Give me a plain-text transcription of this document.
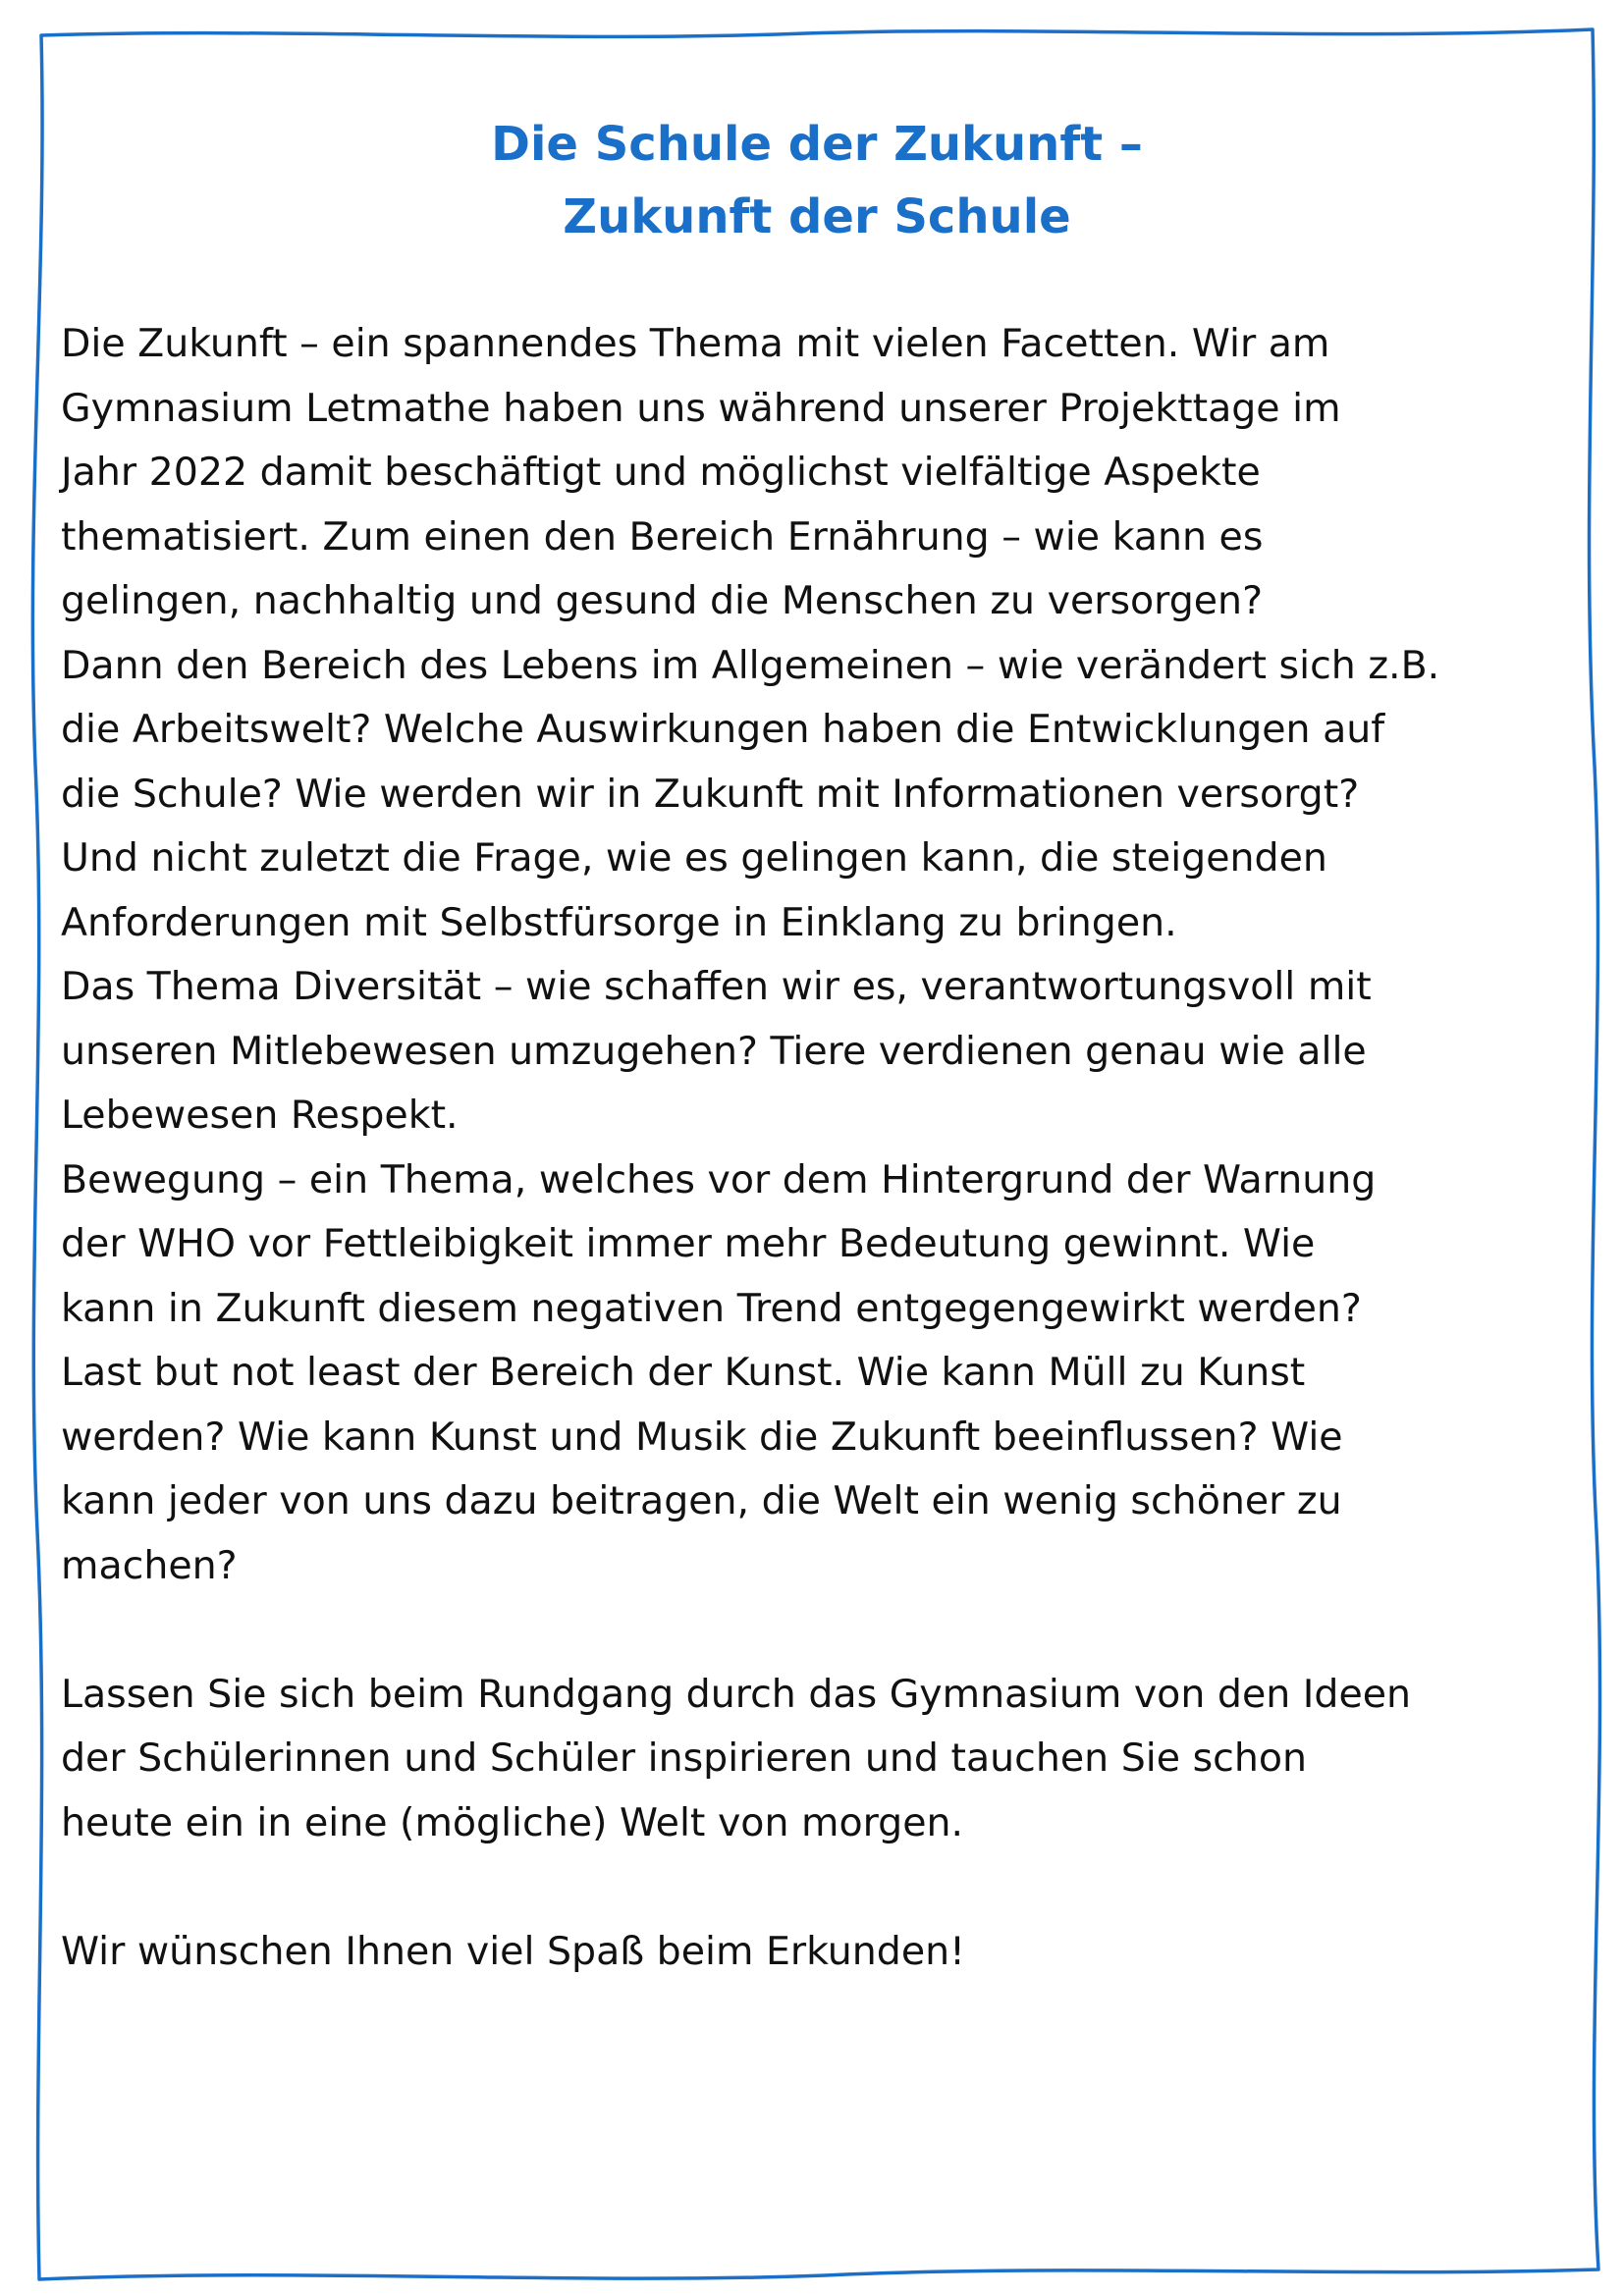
Die Schule der Zukunft –
Zukunft der Schule
Die Zukunft – ein spannendes Thema mit vielen Facetten. Wir am
Gymnasium Letmathe haben uns während unserer Projekttage im
Jahr 2022 damit beschäftigt und möglichst vielfältige Aspekte
thematisiert. Zum einen den Bereich Ernährung – wie kann es
gelingen, nachhaltig und gesund die Menschen zu versorgen?
Dann den Bereich des Lebens im Allgemeinen – wie verändert sich z.B.
die Arbeitswelt? Welche Auswirkungen haben die Entwicklungen auf
die Schule? Wie werden wir in Zukunft mit Informationen versorgt?
Und nicht zuletzt die Frage, wie es gelingen kann, die steigenden
Anforderungen mit Selbstfürsorge in Einklang zu bringen.
Das Thema Diversität – wie schaffen wir es, verantwortungsvoll mit
unseren Mitlebewesen umzugehen? Tiere verdienen genau wie alle
Lebewesen Respekt.
Bewegung – ein Thema, welches vor dem Hintergrund der Warnung
der WHO vor Fettleibigkeit immer mehr Bedeutung gewinnt. Wie
kann in Zukunft diesem negativen Trend entgegengewirkt werden?
Last but not least der Bereich der Kunst. Wie kann Müll zu Kunst
werden? Wie kann Kunst und Musik die Zukunft beeinflussen? Wie
kann jeder von uns dazu beitragen, die Welt ein wenig schöner zu
machen?
Lassen Sie sich beim Rundgang durch das Gymnasium von den Ideen
der Schülerinnen und Schüler inspirieren und tauchen Sie schon
heute ein in eine (mögliche) Welt von morgen.
Wir wünschen Ihnen viel Spaß beim Erkunden!
